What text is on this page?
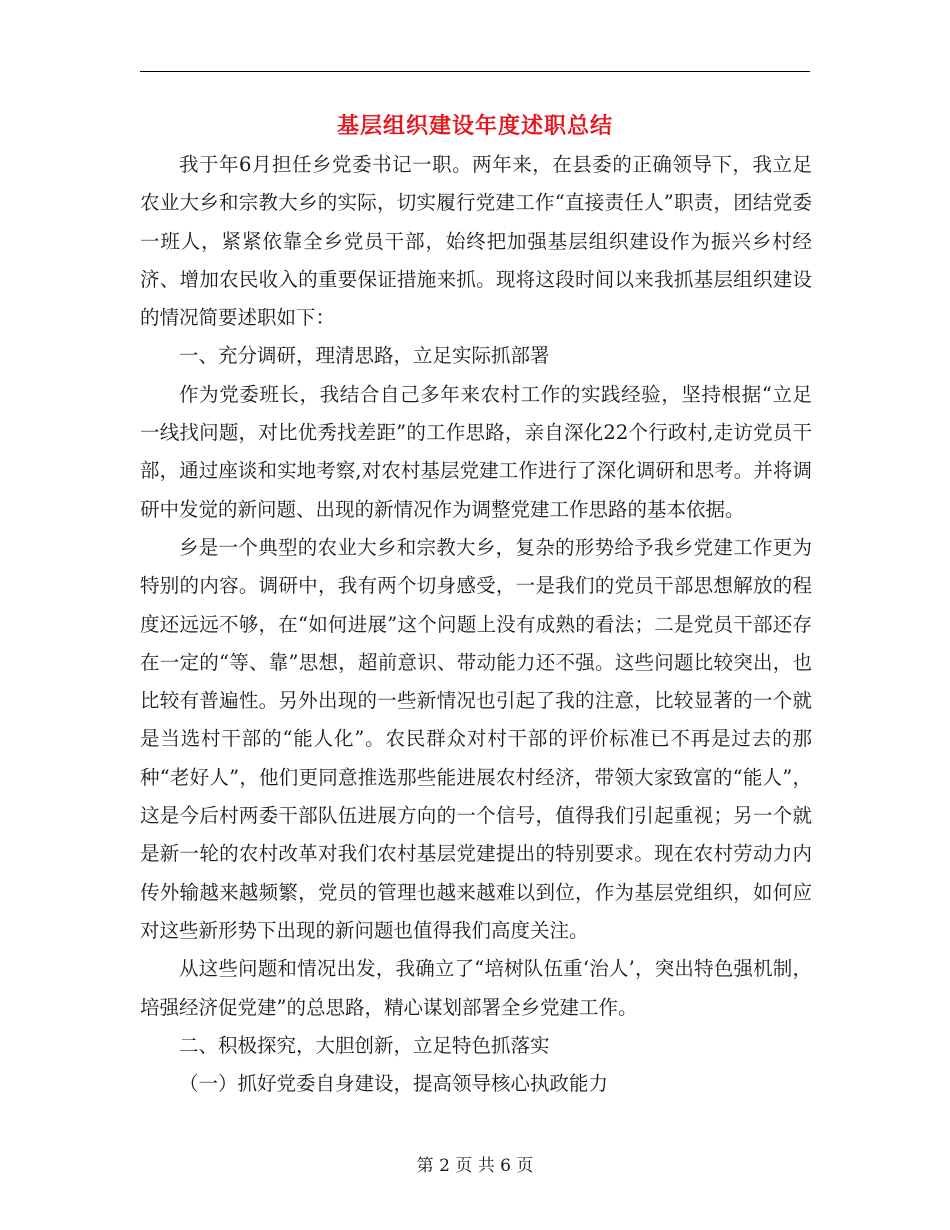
基层组织建设年度述职总结

我于年6月担任乡党委书记一职。两年来，在县委的正确领导下，我立足农业大乡和宗教大乡的实际，切实履行党建工作“直接责任人”职责，团结党委一班人，紧紧依靠全乡党员干部，始终把加强基层组织建设作为振兴乡村经济、增加农民收入的重要保证措施来抓。现将这段时间以来我抓基层组织建设的情况简要述职如下：

一、充分调研，理清思路，立足实际抓部署

作为党委班长，我结合自己多年来农村工作的实践经验，坚持根据“立足一线找问题，对比优秀找差距”的工作思路，亲自深化22个行政村,走访党员干部，通过座谈和实地考察,对农村基层党建工作进行了深化调研和思考。并将调研中发觉的新问题、出现的新情况作为调整党建工作思路的基本依据。

乡是一个典型的农业大乡和宗教大乡，复杂的形势给予我乡党建工作更为特别的内容。调研中，我有两个切身感受，一是我们的党员干部思想解放的程度还远远不够，在“如何进展”这个问题上没有成熟的看法；二是党员干部还存在一定的“等、靠”思想，超前意识、带动能力还不强。这些问题比较突出，也比较有普遍性。另外出现的一些新情况也引起了我的注意，比较显著的一个就是当选村干部的“能人化”。农民群众对村干部的评价标准已不再是过去的那种“老好人”，他们更同意推选那些能进展农村经济，带领大家致富的“能人”，这是今后村两委干部队伍进展方向的一个信号，值得我们引起重视；另一个就是新一轮的农村改革对我们农村基层党建提出的特别要求。现在农村劳动力内传外输越来越频繁，党员的管理也越来越难以到位，作为基层党组织，如何应对这些新形势下出现的新问题也值得我们高度关注。

从这些问题和情况出发，我确立了“培树队伍重‘治人’，突出特色强机制，培强经济促党建”的总思路，精心谋划部署全乡党建工作。

二、积极探究，大胆创新，立足特色抓落实

（一）抓好党委自身建设，提高领导核心执政能力

第 2 页 共 6 页
